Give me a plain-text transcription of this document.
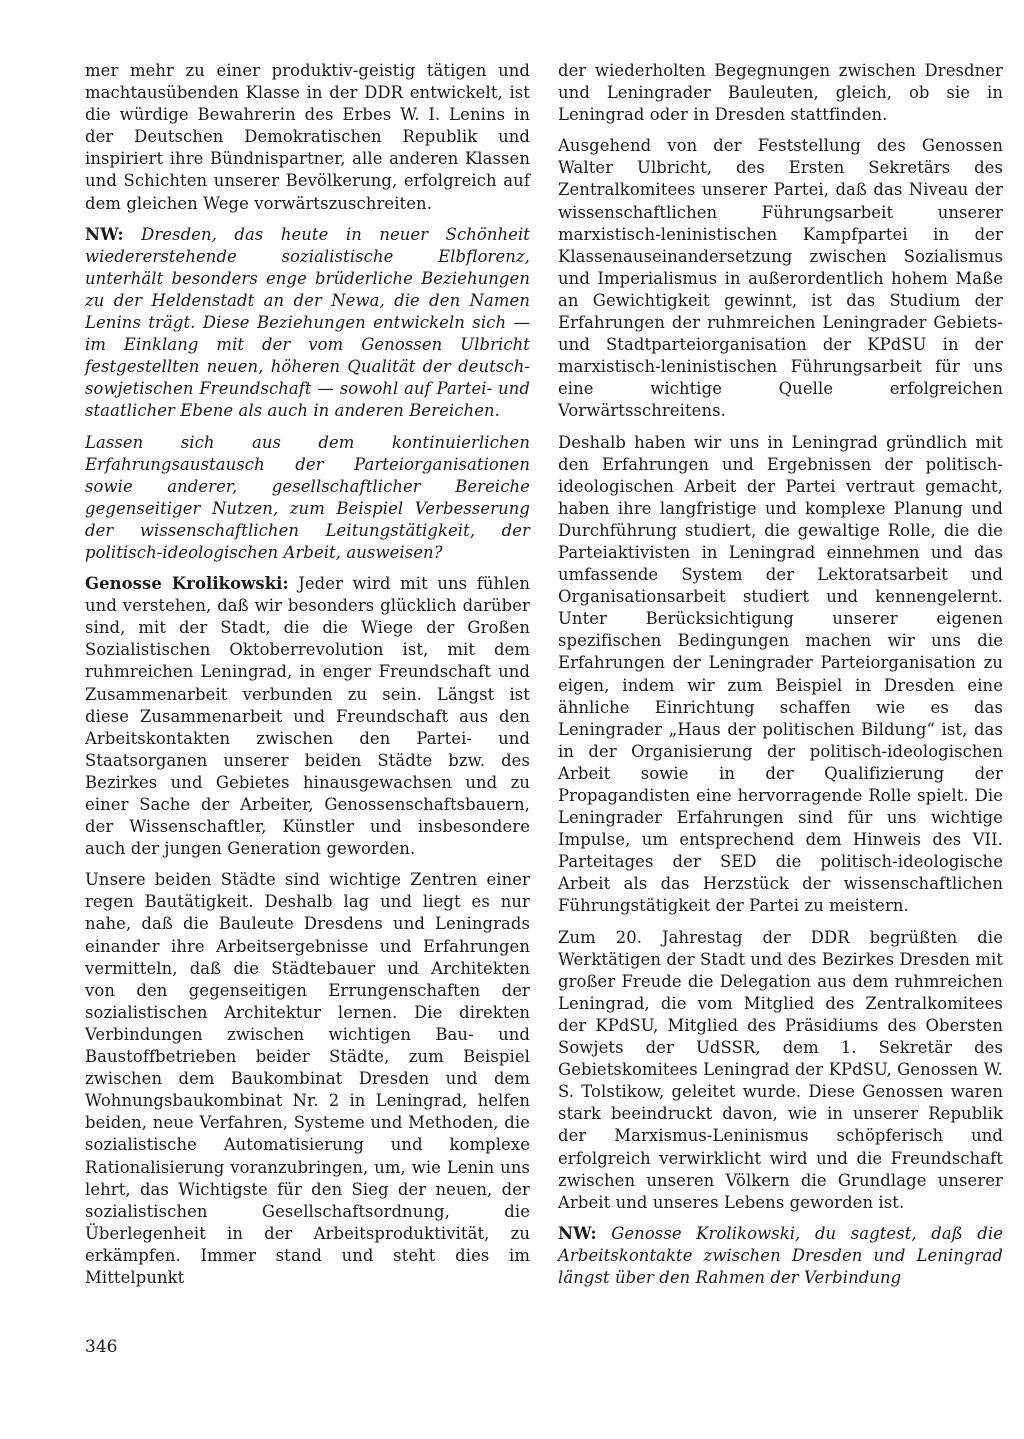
mer mehr zu einer produktiv-geistig tätigen und machtausübenden Klasse in der DDR entwickelt, ist die würdige Bewahrerin des Erbes W. I. Lenins in der Deutschen Demokratischen Republik und inspiriert ihre Bündnispartner, alle anderen Klassen und Schichten unserer Bevölkerung, erfolgreich auf dem gleichen Wege vorwärtszuschreiten.

NW: Dresden, das heute in neuer Schönheit wiedererstehende sozialistische Elbflorenz, unterhält besonders enge brüderliche Beziehungen zu der Heldenstadt an der Newa, die den Namen Lenins trägt. Diese Beziehungen entwickeln sich — im Einklang mit der vom Genossen Ulbricht festgestellten neuen, höheren Qualität der deutsch-sowjetischen Freundschaft — sowohl auf Partei- und staatlicher Ebene als auch in anderen Bereichen.

Lassen sich aus dem kontinuierlichen Erfahrungsaustausch der Parteiorganisationen sowie anderer, gesellschaftlicher Bereiche gegenseitiger Nutzen, zum Beispiel Verbesserung der wissenschaftlichen Leitungstätigkeit, der politisch-ideologischen Arbeit, ausweisen?

Genosse Krolikowski: Jeder wird mit uns fühlen und verstehen, daß wir besonders glücklich darüber sind, mit der Stadt, die die Wiege der Großen Sozialistischen Oktoberrevolution ist, mit dem ruhmreichen Leningrad, in enger Freundschaft und Zusammenarbeit verbunden zu sein. Längst ist diese Zusammenarbeit und Freundschaft aus den Arbeitskontakten zwischen den Partei- und Staatsorganen unserer beiden Städte bzw. des Bezirkes und Gebietes hinausgewachsen und zu einer Sache der Arbeiter, Genossenschaftsbauern, der Wissenschaftler, Künstler und insbesondere auch der jungen Generation geworden.

Unsere beiden Städte sind wichtige Zentren einer regen Bautätigkeit. Deshalb lag und liegt es nur nahe, daß die Bauleute Dresdens und Leningrads einander ihre Arbeitsergebnisse und Erfahrungen vermitteln, daß die Städtebauer und Architekten von den gegenseitigen Errungenschaften der sozialistischen Architektur lernen. Die direkten Verbindungen zwischen wichtigen Bau- und Baustoffbetrieben beider Städte, zum Beispiel zwischen dem Baukombinat Dresden und dem Wohnungsbaukombinat Nr. 2 in Leningrad, helfen beiden, neue Verfahren, Systeme und Methoden, die sozialistische Automatisierung und komplexe Rationalisierung voranzubringen, um, wie Lenin uns lehrt, das Wichtigste für den Sieg der neuen, der sozialistischen Gesellschaftsordnung, die Überlegenheit in der Arbeitsproduktivität, zu erkämpfen. Immer stand und steht dies im Mittelpunkt

der wiederholten Begegnungen zwischen Dresdner und Leningrader Bauleuten, gleich, ob sie in Leningrad oder in Dresden stattfinden.

Ausgehend von der Feststellung des Genossen Walter Ulbricht, des Ersten Sekretärs des Zentralkomitees unserer Partei, daß das Niveau der wissenschaftlichen Führungsarbeit unserer marxistisch-leninistischen Kampfpartei in der Klassenauseinandersetzung zwischen Sozialismus und Imperialismus in außerordentlich hohem Maße an Gewichtigkeit gewinnt, ist das Studium der Erfahrungen der ruhmreichen Leningrader Gebiets- und Stadtparteiorganisation der KPdSU in der marxistisch-leninistischen Führungsarbeit für uns eine wichtige Quelle erfolgreichen Vorwärtsschreitens.

Deshalb haben wir uns in Leningrad gründlich mit den Erfahrungen und Ergebnissen der politisch-ideologischen Arbeit der Partei vertraut gemacht, haben ihre langfristige und komplexe Planung und Durchführung studiert, die gewaltige Rolle, die die Parteiaktivisten in Leningrad einnehmen und das umfassende System der Lektoratsarbeit und Organisationsarbeit studiert und kennengelernt. Unter Berücksichtigung unserer eigenen spezifischen Bedingungen machen wir uns die Erfahrungen der Leningrader Parteiorganisation zu eigen, indem wir zum Beispiel in Dresden eine ähnliche Einrichtung schaffen wie es das Leningrader „Haus der politischen Bildung“ ist, das in der Organisierung der politisch-ideologischen Arbeit sowie in der Qualifizierung der Propagandisten eine hervorragende Rolle spielt. Die Leningrader Erfahrungen sind für uns wichtige Impulse, um entsprechend dem Hinweis des VII. Parteitages der SED die politisch-ideologische Arbeit als das Herzstück der wissenschaftlichen Führungstätigkeit der Partei zu meistern.

Zum 20. Jahrestag der DDR begrüßten die Werktätigen der Stadt und des Bezirkes Dresden mit großer Freude die Delegation aus dem ruhmreichen Leningrad, die vom Mitglied des Zentralkomitees der KPdSU, Mitglied des Präsidiums des Obersten Sowjets der UdSSR, dem 1. Sekretär des Gebietskomitees Leningrad der KPdSU, Genossen W. S. Tolstikow, geleitet wurde. Diese Genossen waren stark beeindruckt davon, wie in unserer Republik der Marxismus-Leninismus schöpferisch und erfolgreich verwirklicht wird und die Freundschaft zwischen unseren Völkern die Grundlage unserer Arbeit und unseres Lebens geworden ist.

NW: Genosse Krolikowski, du sagtest, daß die Arbeitskontakte zwischen Dresden und Leningrad längst über den Rahmen der Verbindung

346
